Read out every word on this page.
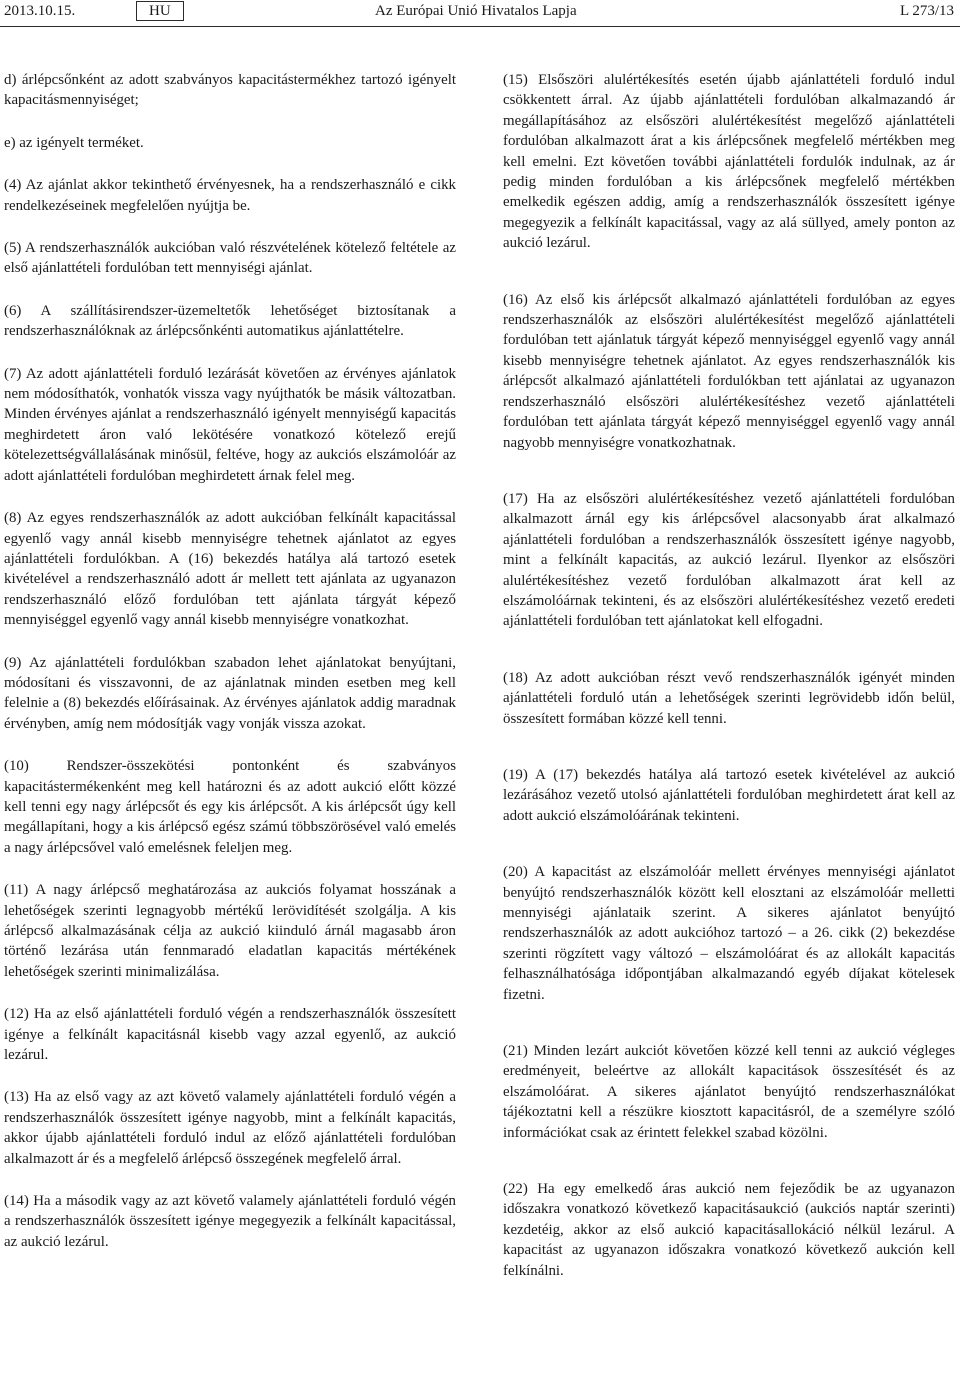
2013.10.15.	HU	Az Európai Unió Hivatalos Lapja	L 273/13

d) árlépcsőnként az adott szabványos kapacitástermékhez tartozó igényelt kapacitásmennyiséget;

e) az igényelt terméket.

(4) Az ajánlat akkor tekinthető érvényesnek, ha a rendszerhasználó e cikk rendelkezéseinek megfelelően nyújtja be.

(5) A rendszerhasználók aukcióban való részvételének kötelező feltétele az első ajánlattételi fordulóban tett mennyiségi ajánlat.

(6) A szállításirendszer-üzemeltetők lehetőséget biztosítanak a rendszerhasználóknak az árlépcsőnkénti automatikus ajánlattételre.

(7) Az adott ajánlattételi forduló lezárását követően az érvényes ajánlatok nem módosíthatók, vonhatók vissza vagy nyújthatók be másik változatban. Minden érvényes ajánlat a rendszerhasználó igényelt mennyiségű kapacitás meghirdetett áron való lekötésére vonatkozó kötelező erejű kötelezettségvállalásának minősül, feltéve, hogy az aukciós elszámolóár az adott ajánlattételi fordulóban meghirdetett árnak felel meg.

(8) Az egyes rendszerhasználók az adott aukcióban felkínált kapacitással egyenlő vagy annál kisebb mennyiségre tehetnek ajánlatot az egyes ajánlattételi fordulókban. A (16) bekezdés hatálya alá tartozó esetek kivételével a rendszerhasználó adott ár mellett tett ajánlata az ugyanazon rendszerhasználó előző fordulóban tett ajánlata tárgyát képező mennyiséggel egyenlő vagy annál kisebb mennyiségre vonatkozhat.

(9) Az ajánlattételi fordulókban szabadon lehet ajánlatokat benyújtani, módosítani és visszavonni, de az ajánlatnak minden esetben meg kell felelnie a (8) bekezdés előírásainak. Az érvényes ajánlatok addig maradnak érvényben, amíg nem módosítják vagy vonják vissza azokat.

(10) Rendszer-összekötési pontonként és szabványos kapacitástermékenként meg kell határozni és az adott aukció előtt közzé kell tenni egy nagy árlépcsőt és egy kis árlépcsőt. A kis árlépcsőt úgy kell megállapítani, hogy a kis árlépcső egész számú többszörösével való emelés a nagy árlépcsővel való emelésnek feleljen meg.

(11) A nagy árlépcső meghatározása az aukciós folyamat hosszának a lehetőségek szerinti legnagyobb mértékű lerövidítését szolgálja. A kis árlépcső alkalmazásának célja az aukció kiinduló árnál magasabb áron történő lezárása után fennmaradó eladatlan kapacitás mértékének lehetőségek szerinti minimalizálása.

(12) Ha az első ajánlattételi forduló végén a rendszerhasználók összesített igénye a felkínált kapacitásnál kisebb vagy azzal egyenlő, az aukció lezárul.

(13) Ha az első vagy az azt követő valamely ajánlattételi forduló végén a rendszerhasználók összesített igénye nagyobb, mint a felkínált kapacitás, akkor újabb ajánlattételi forduló indul az előző ajánlattételi fordulóban alkalmazott ár és a megfelelő árlépcső összegének megfelelő árral.

(14) Ha a második vagy az azt követő valamely ajánlattételi forduló végén a rendszerhasználók összesített igénye megegyezik a felkínált kapacitással, az aukció lezárul.

(15) Elsőszöri alulértékesítés esetén újabb ajánlattételi forduló indul csökkentett árral. Az újabb ajánlattételi fordulóban alkalmazandó ár megállapításához az elsőszöri alulértékesítést megelőző ajánlattételi fordulóban alkalmazott árat a kis árlépcsőnek megfelelő mértékben meg kell emelni. Ezt követően további ajánlattételi fordulók indulnak, az ár pedig minden fordulóban a kis árlépcsőnek megfelelő mértékben emelkedik egészen addig, amíg a rendszerhasználók összesített igénye megegyezik a felkínált kapacitással, vagy az alá süllyed, amely ponton az aukció lezárul.

(16) Az első kis árlépcsőt alkalmazó ajánlattételi fordulóban az egyes rendszerhasználók az elsőszöri alulértékesítést megelőző ajánlattételi fordulóban tett ajánlatuk tárgyát képező mennyiséggel egyenlő vagy annál kisebb mennyiségre tehetnek ajánlatot. Az egyes rendszerhasználók kis árlépcsőt alkalmazó ajánlattételi fordulókban tett ajánlatai az ugyanazon rendszerhasználó elsőszöri alulértékesítéshez vezető ajánlattételi fordulóban tett ajánlata tárgyát képező mennyiséggel egyenlő vagy annál nagyobb mennyiségre vonatkozhatnak.

(17) Ha az elsőszöri alulértékesítéshez vezető ajánlattételi fordulóban alkalmazott árnál egy kis árlépcsővel alacsonyabb árat alkalmazó ajánlattételi fordulóban a rendszerhasználók összesített igénye nagyobb, mint a felkínált kapacitás, az aukció lezárul. Ilyenkor az elsőszöri alulértékesítéshez vezető fordulóban alkalmazott árat kell az elszámolóárnak tekinteni, és az elsőszöri alulértékesítéshez vezető eredeti ajánlattételi fordulóban tett ajánlatokat kell elfogadni.

(18) Az adott aukcióban részt vevő rendszerhasználók igényét minden ajánlattételi forduló után a lehetőségek szerinti legrövidebb időn belül, összesített formában közzé kell tenni.

(19) A (17) bekezdés hatálya alá tartozó esetek kivételével az aukció lezárásához vezető utolsó ajánlattételi fordulóban meghirdetett árat kell az adott aukció elszámolóárának tekinteni.

(20) A kapacitást az elszámolóár mellett érvényes mennyiségi ajánlatot benyújtó rendszerhasználók között kell elosztani az elszámolóár melletti mennyiségi ajánlataik szerint. A sikeres ajánlatot benyújtó rendszerhasználók az adott aukcióhoz tartozó – a 26. cikk (2) bekezdése szerinti rögzített vagy változó – elszámolóárat és az allokált kapacitás felhasználhatósága időpontjában alkalmazandó egyéb díjakat kötelesek fizetni.

(21) Minden lezárt aukciót követően közzé kell tenni az aukció végleges eredményeit, beleértve az allokált kapacitások összesítését és az elszámolóárat. A sikeres ajánlatot benyújtó rendszerhasználókat tájékoztatni kell a részükre kiosztott kapacitásról, de a személyre szóló információkat csak az érintett felekkel szabad közölni.

(22) Ha egy emelkedő áras aukció nem fejeződik be az ugyanazon időszakra vonatkozó következő kapacitásaukció (aukciós naptár szerinti) kezdetéig, akkor az első aukció kapacitásallokáció nélkül lezárul. A kapacitást az ugyanazon időszakra vonatkozó következő aukción kell felkínálni.
